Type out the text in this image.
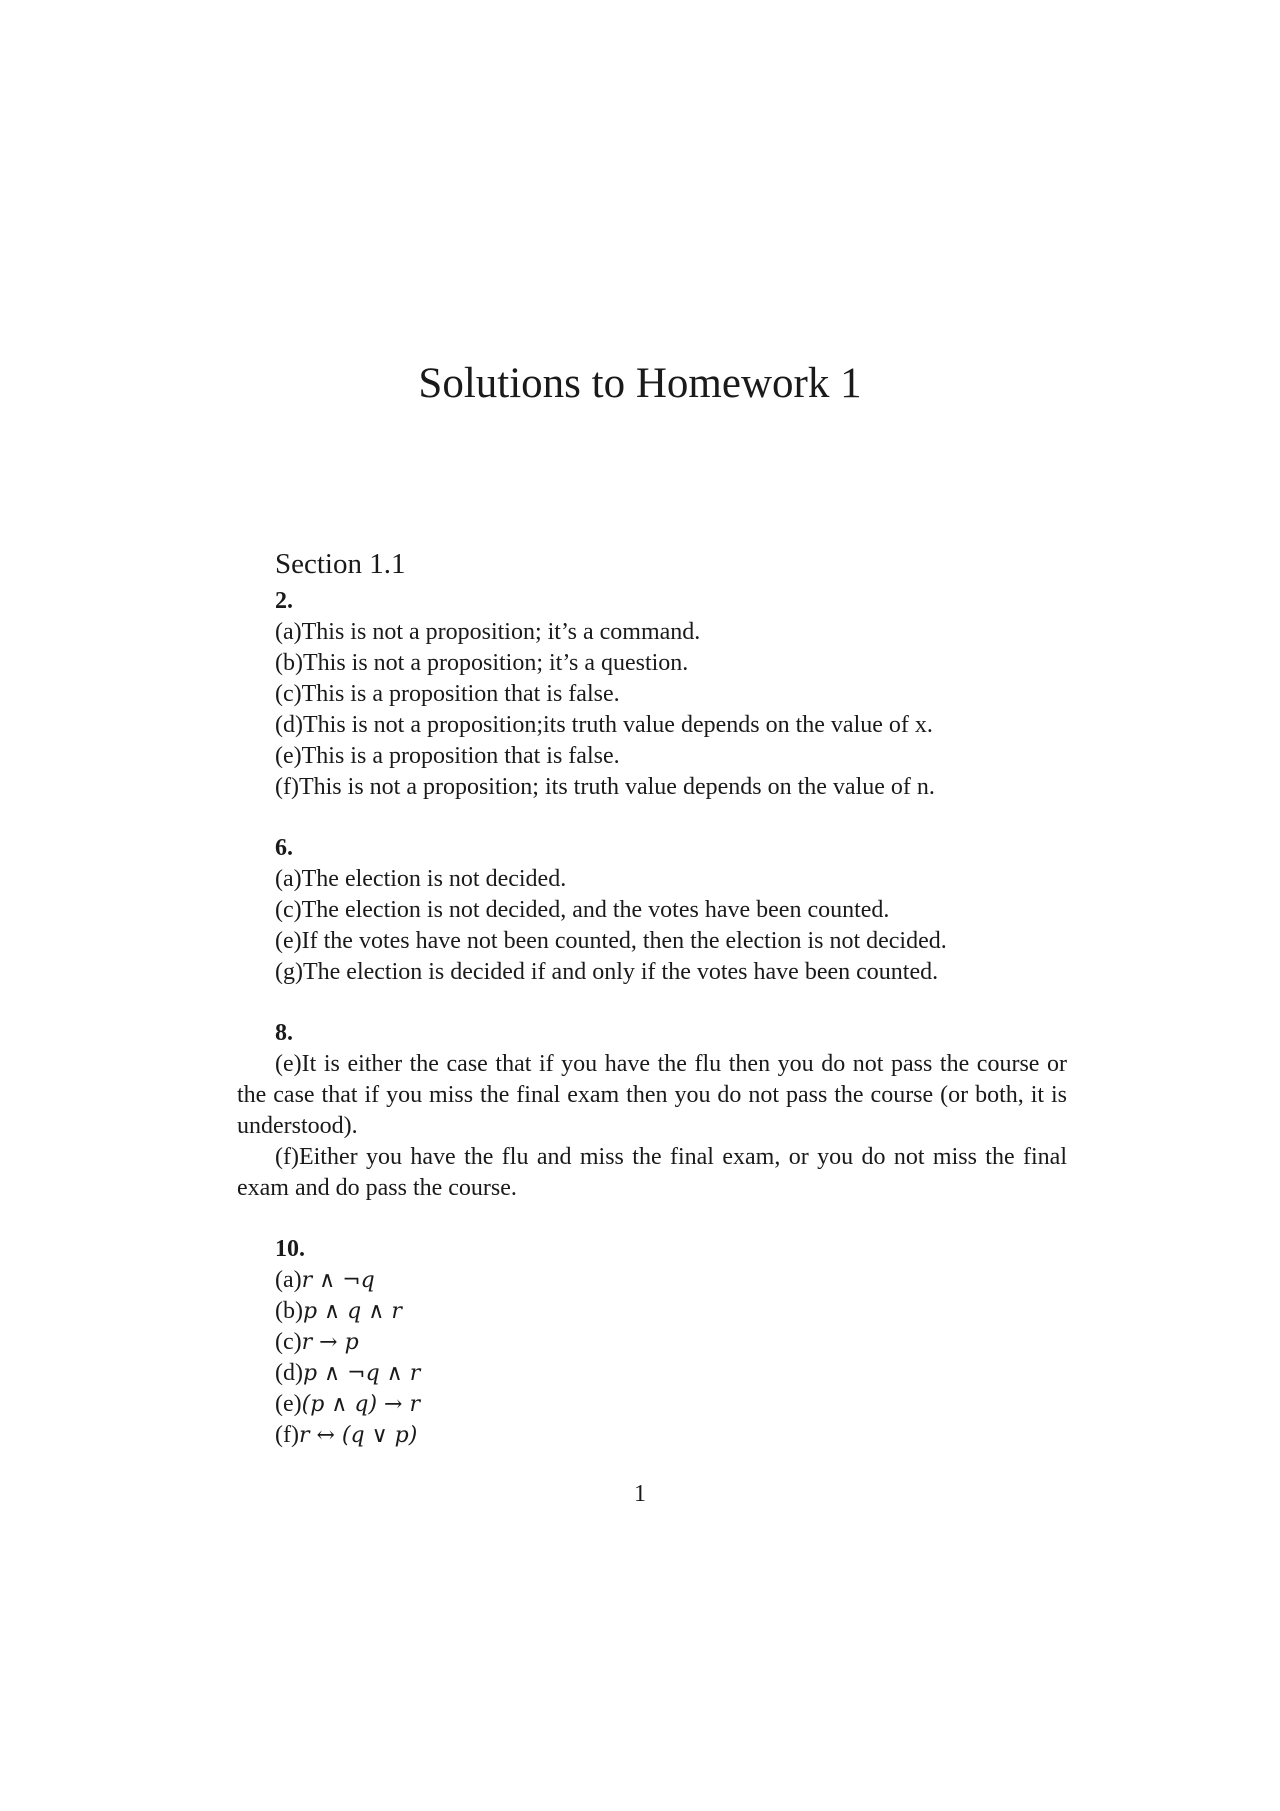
Solutions to Homework 1
Section 1.1
2.
(a)This is not a proposition; it’s a command.
(b)This is not a proposition; it’s a question.
(c)This is a proposition that is false.
(d)This is not a proposition;its truth value depends on the value of x.
(e)This is a proposition that is false.
(f)This is not a proposition; its truth value depends on the value of n.
6.
(a)The election is not decided.
(c)The election is not decided, and the votes have been counted.
(e)If the votes have not been counted, then the election is not decided.
(g)The election is decided if and only if the votes have been counted.
8.

(e)It is either the case that if you have the flu then you do not pass the course or the case that if you miss the final exam then you do not pass the course (or both, it is understood).

(f)Either you have the flu and miss the final exam, or you do not miss the final exam and do pass the course.

10.
(a)r ∧ ¬q
(b)p ∧ q ∧ r
(c)r → p
(d)p ∧ ¬q ∧ r
(e)(p ∧ q) → r
(f)r ↔ (q ∨ p)
1
